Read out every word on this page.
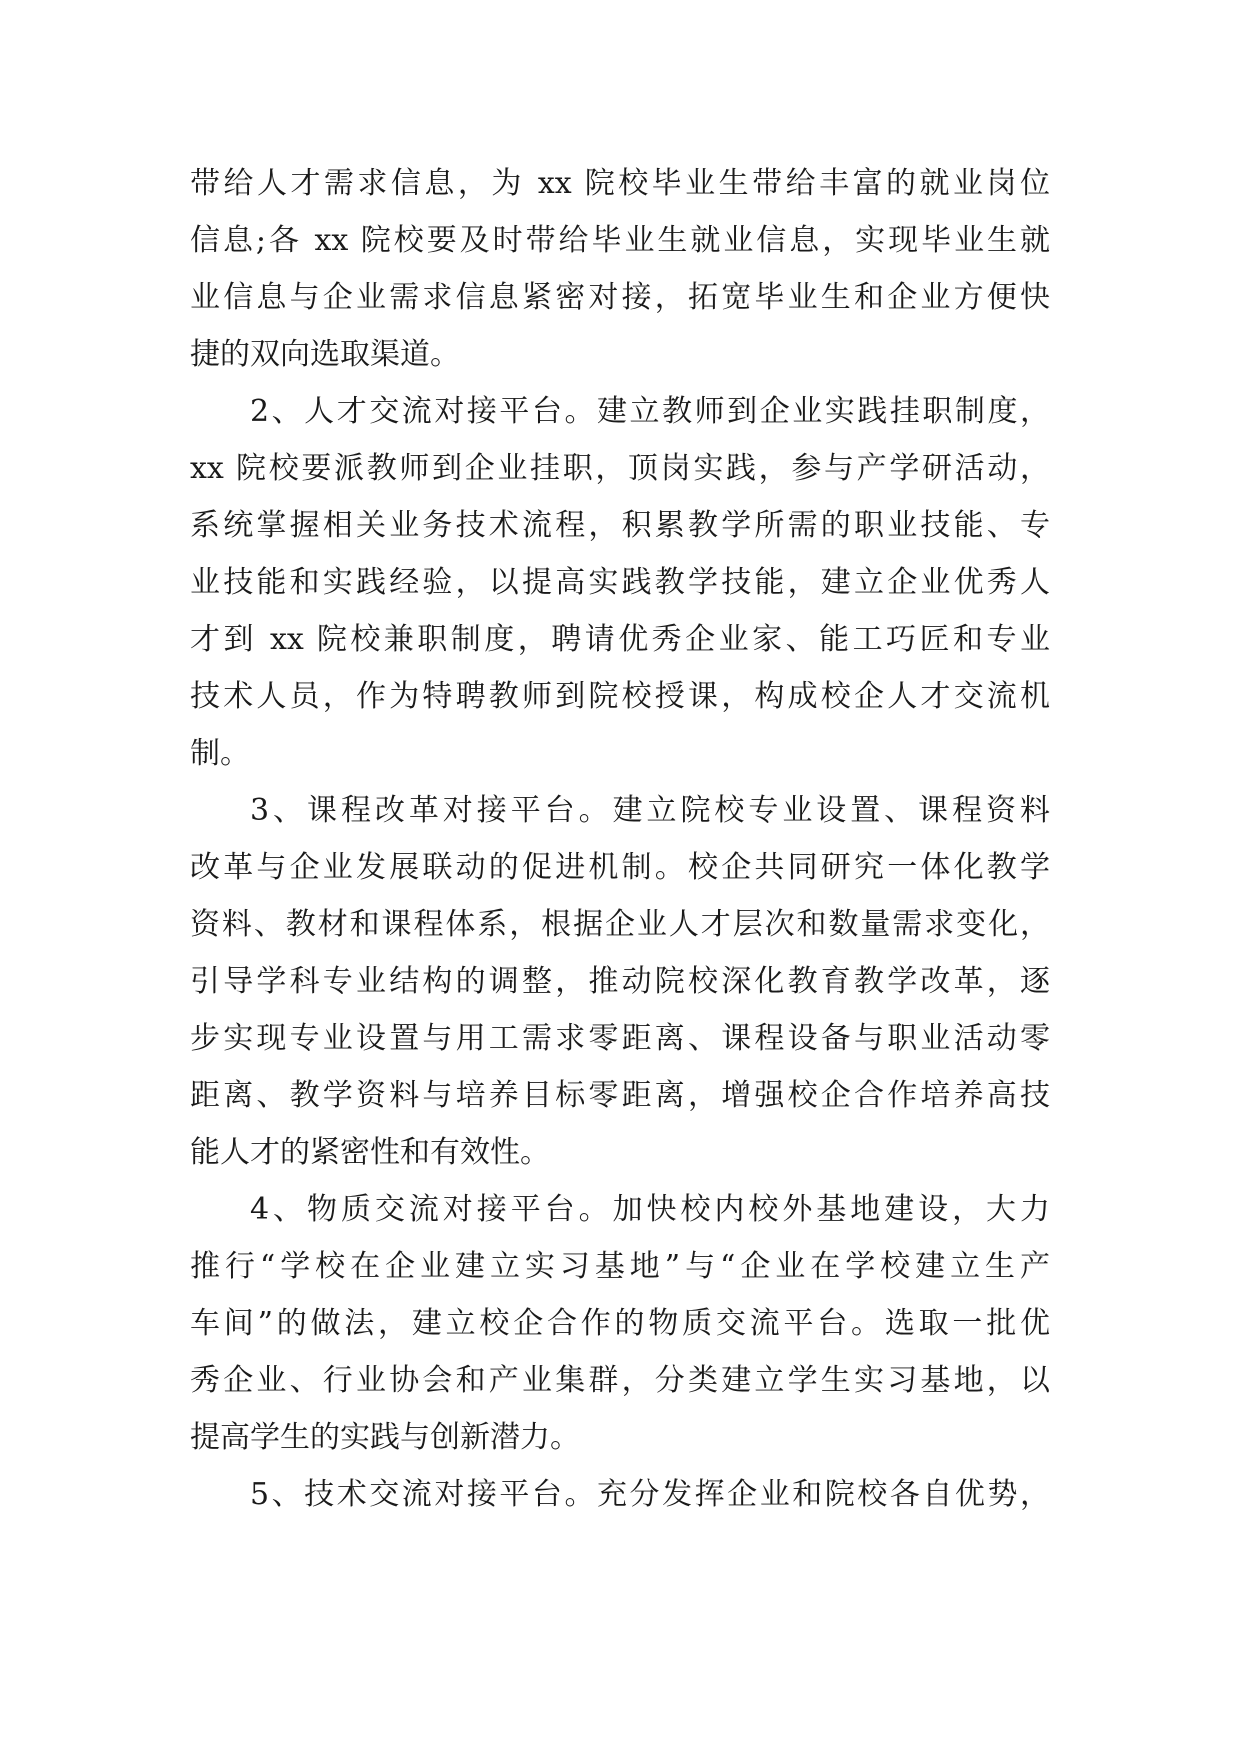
带给人才需求信息，为 xx 院校毕业生带给丰富的就业岗位
信息;各 xx 院校要及时带给毕业生就业信息，实现毕业生就
业信息与企业需求信息紧密对接，拓宽毕业生和企业方便快
捷的双向选取渠道。
2、人才交流对接平台。建立教师到企业实践挂职制度，
xx 院校要派教师到企业挂职，顶岗实践，参与产学研活动，
系统掌握相关业务技术流程，积累教学所需的职业技能、专
业技能和实践经验，以提高实践教学技能，建立企业优秀人
才到 xx 院校兼职制度，聘请优秀企业家、能工巧匠和专业
技术人员，作为特聘教师到院校授课，构成校企人才交流机
制。
3、课程改革对接平台。建立院校专业设置、课程资料
改革与企业发展联动的促进机制。校企共同研究一体化教学
资料、教材和课程体系，根据企业人才层次和数量需求变化，
引导学科专业结构的调整，推动院校深化教育教学改革，逐
步实现专业设置与用工需求零距离、课程设备与职业活动零
距离、教学资料与培养目标零距离，增强校企合作培养高技
能人才的紧密性和有效性。
4、物质交流对接平台。加快校内校外基地建设，大力
推行“学校在企业建立实习基地”与“企业在学校建立生产
车间”的做法，建立校企合作的物质交流平台。选取一批优
秀企业、行业协会和产业集群，分类建立学生实习基地，以
提高学生的实践与创新潜力。
5、技术交流对接平台。充分发挥企业和院校各自优势，
